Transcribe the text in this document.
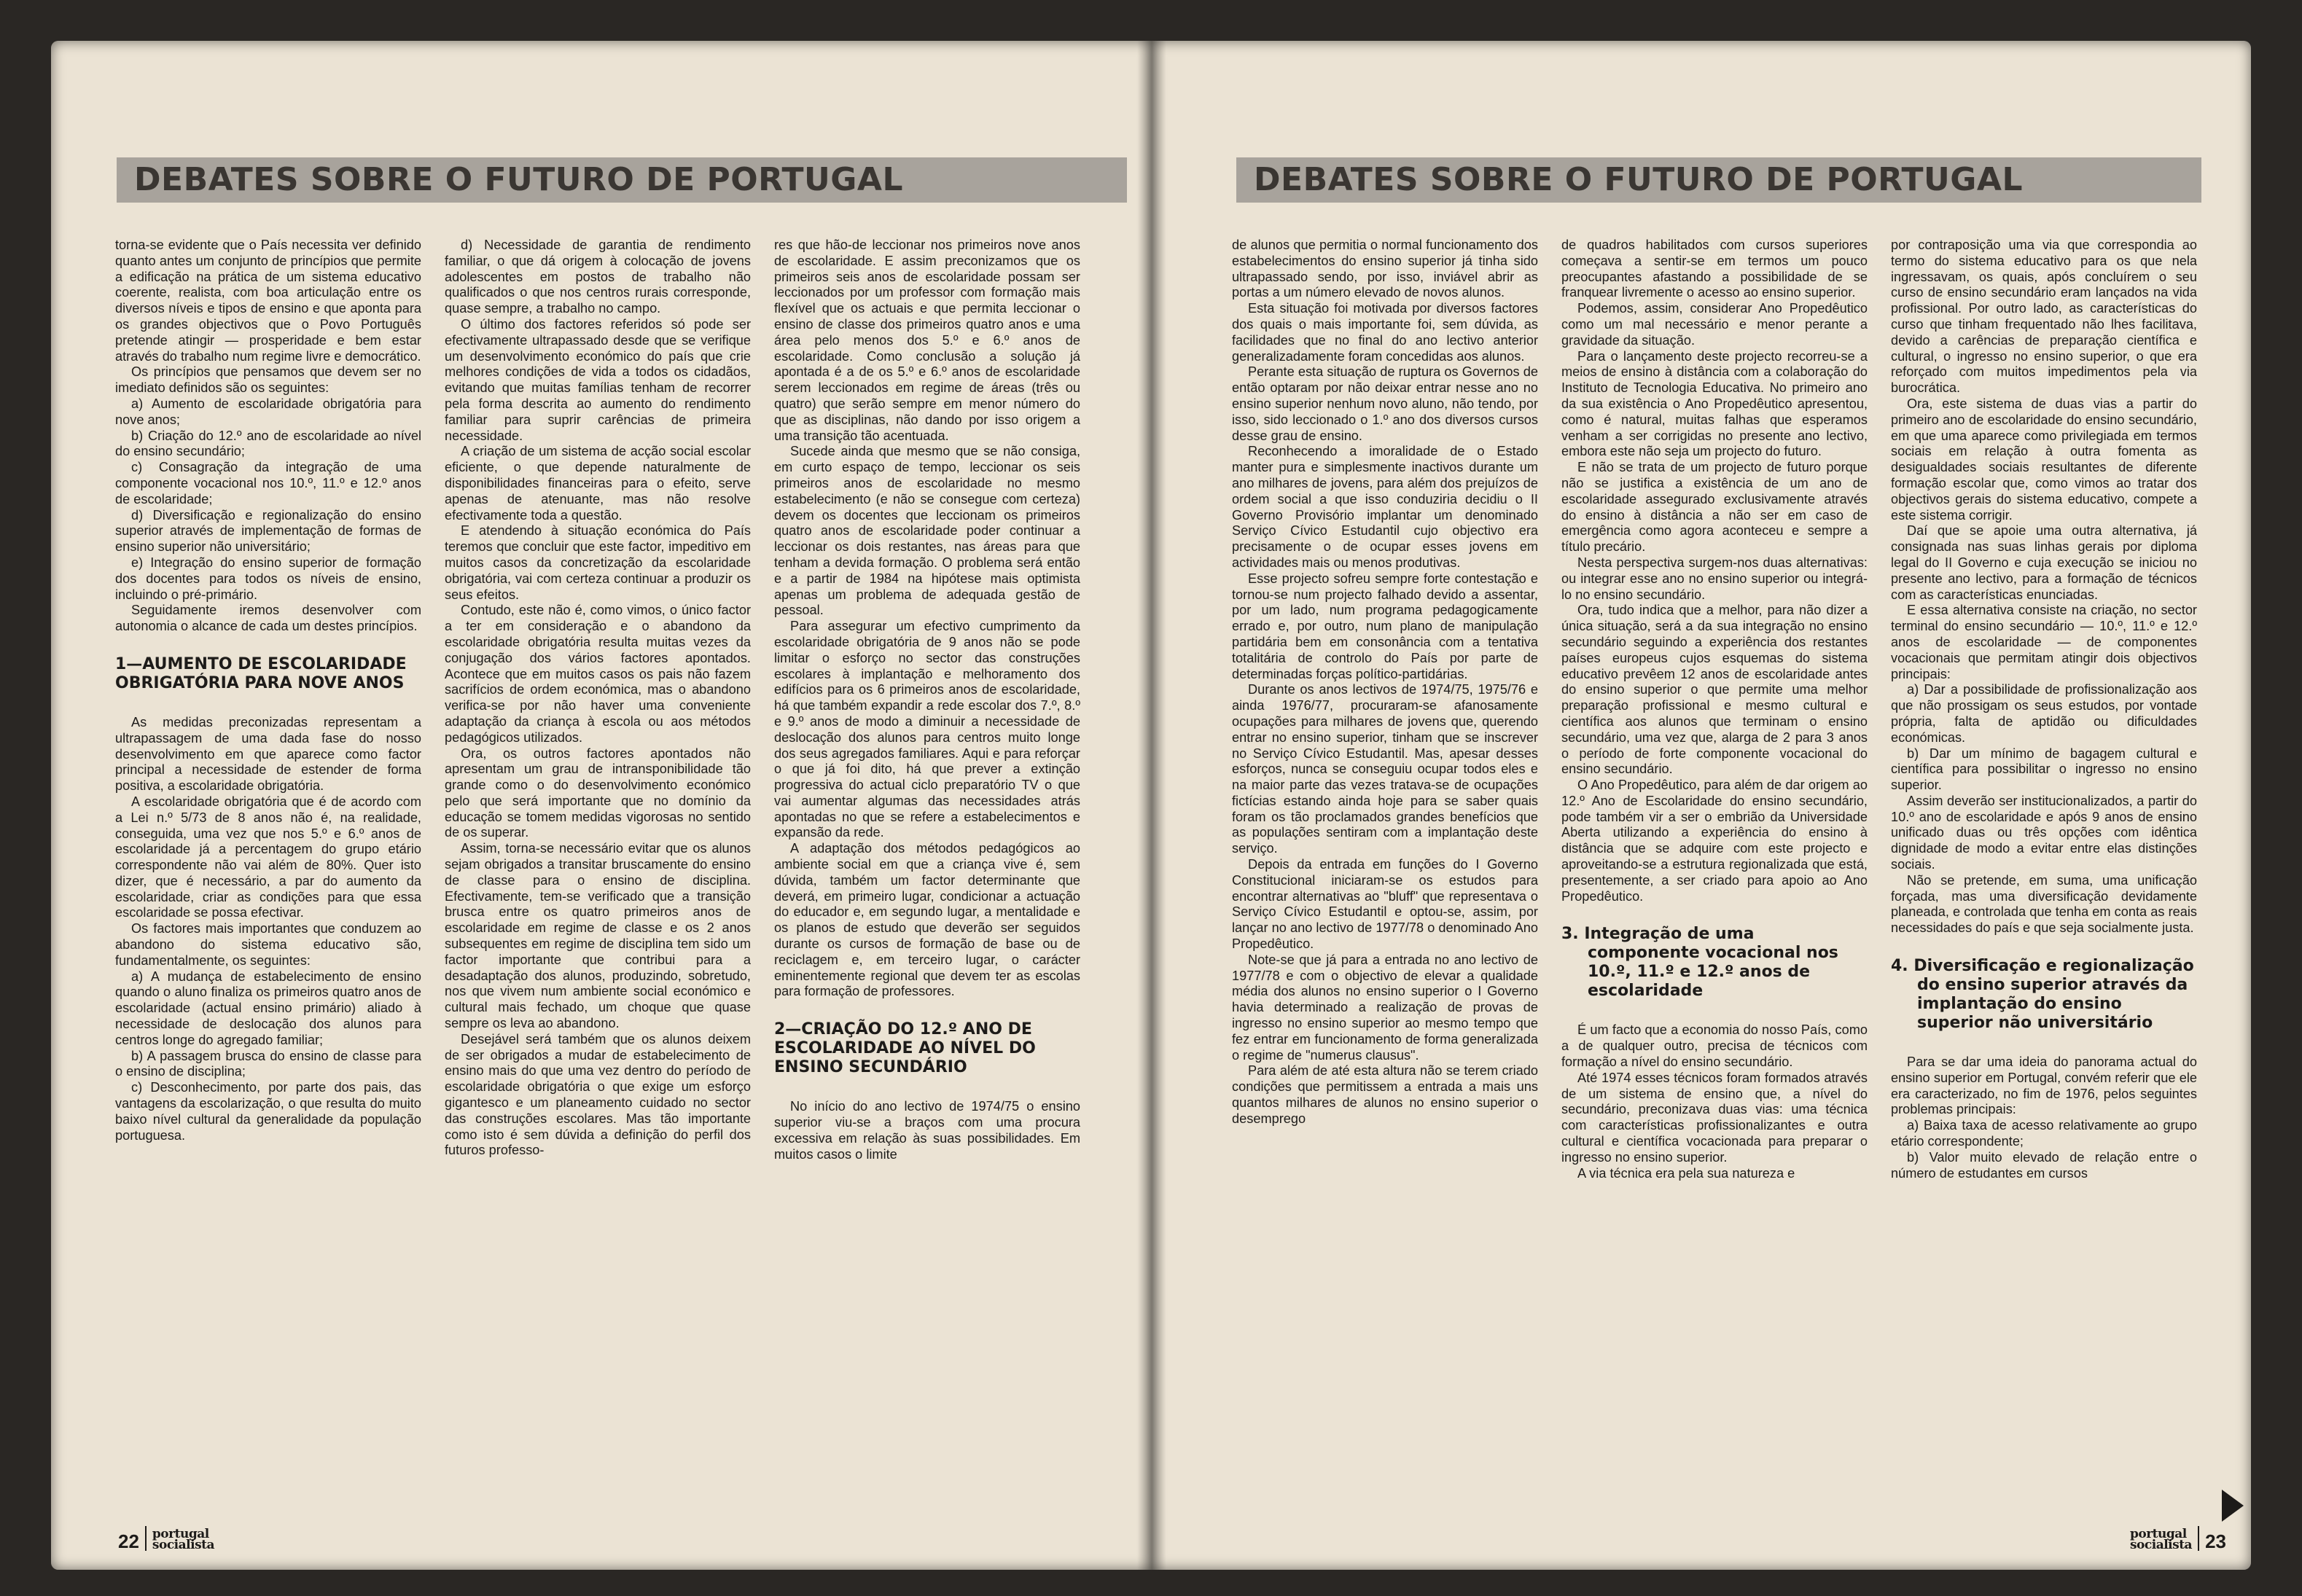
DEBATES SOBRE O FUTURO DE PORTUGAL

torna-se evidente que o País necessita ver definido quanto antes um conjunto de princípios que permite a edificação na prática de um sistema educativo coerente, realista, com boa articulação entre os diversos níveis e tipos de ensino e que aponta para os grandes objectivos que o Povo Português pretende atingir — prosperidade e bem estar através do trabalho num regime livre e democrático.

Os princípios que pensamos que devem ser no imediato definidos são os seguintes:

a) Aumento de escolaridade obrigatória para nove anos;

b) Criação do 12.º ano de escolaridade ao nível do ensino secundário;

c) Consagração da integração de uma componente vocacional nos 10.º, 11.º e 12.º anos de escolaridade;

d) Diversificação e regionalização do ensino superior através de implementação de formas de ensino superior não universitário;

e) Integração do ensino superior de formação dos docentes para todos os níveis de ensino, incluindo o pré-primário.

Seguidamente iremos desenvolver com autonomia o alcance de cada um destes princípios.

1—AUMENTO DE ESCOLARIDADE OBRIGATÓRIA PARA NOVE ANOS

As medidas preconizadas representam a ultrapassagem de uma dada fase do nosso desenvolvimento em que aparece como factor principal a necessidade de estender de forma positiva, a escolaridade obrigatória.

A escolaridade obrigatória que é de acordo com a Lei n.º 5/73 de 8 anos não é, na realidade, conseguida, uma vez que nos 5.º e 6.º anos de escolaridade já a percentagem do grupo etário correspondente não vai além de 80%. Quer isto dizer, que é necessário, a par do aumento da escolaridade, criar as condições para que essa escolaridade se possa efectivar.

Os factores mais importantes que conduzem ao abandono do sistema educativo são, fundamentalmente, os seguintes:

a) A mudança de estabelecimento de ensino quando o aluno finaliza os primeiros quatro anos de escolaridade (actual ensino primário) aliado à necessidade de deslocação dos alunos para centros longe do agregado familiar;

b) A passagem brusca do ensino de classe para o ensino de disciplina;

c) Desconhecimento, por parte dos pais, das vantagens da escolarização, o que resulta do muito baixo nível cultural da generalidade da população portuguesa.

d) Necessidade de garantia de rendimento familiar, o que dá origem à colocação de jovens adolescentes em postos de trabalho não qualificados o que nos centros rurais corresponde, quase sempre, a trabalho no campo.

O último dos factores referidos só pode ser efectivamente ultrapassado desde que se verifique um desenvolvimento económico do país que crie melhores condições de vida a todos os cidadãos, evitando que muitas famílias tenham de recorrer pela forma descrita ao aumento do rendimento familiar para suprir carências de primeira necessidade.

A criação de um sistema de acção social escolar eficiente, o que depende naturalmente de disponibilidades financeiras para o efeito, serve apenas de atenuante, mas não resolve efectivamente toda a questão.

E atendendo à situação económica do País teremos que concluir que este factor, impeditivo em muitos casos da concretização da escolaridade obrigatória, vai com certeza continuar a produzir os seus efeitos.

Contudo, este não é, como vimos, o único factor a ter em consideração e o abandono da escolaridade obrigatória resulta muitas vezes da conjugação dos vários factores apontados. Acontece que em muitos casos os pais não fazem sacrifícios de ordem económica, mas o abandono verifica-se por não haver uma conveniente adaptação da criança à escola ou aos métodos pedagógicos utilizados.

Ora, os outros factores apontados não apresentam um grau de intransponibilidade tão grande como o do desenvolvimento económico pelo que será importante que no domínio da educação se tomem medidas vigorosas no sentido de os superar.

Assim, torna-se necessário evitar que os alunos sejam obrigados a transitar bruscamente do ensino de classe para o ensino de disciplina. Efectivamente, tem-se verificado que a transição brusca entre os quatro primeiros anos de escolaridade em regime de classe e os 2 anos subsequentes em regime de disciplina tem sido um factor importante que contribui para a desadaptação dos alunos, produzindo, sobretudo, nos que vivem num ambiente social económico e cultural mais fechado, um choque que quase sempre os leva ao abandono.

Desejável será também que os alunos deixem de ser obrigados a mudar de estabelecimento de ensino mais do que uma vez dentro do período de escolaridade obrigatória o que exige um esforço gigantesco e um planeamento cuidado no sector das construções escolares. Mas tão importante como isto é sem dúvida a definição do perfil dos futuros professo-

res que hão-de leccionar nos primeiros nove anos de escolaridade. E assim preconizamos que os primeiros seis anos de escolaridade possam ser leccionados por um professor com formação mais flexível que os actuais e que permita leccionar o ensino de classe dos primeiros quatro anos e uma área pelo menos dos 5.º e 6.º anos de escolaridade. Como conclusão a solução já apontada é a de os 5.º e 6.º anos de escolaridade serem leccionados em regime de áreas (três ou quatro) que serão sempre em menor número do que as disciplinas, não dando por isso origem a uma transição tão acentuada.

Sucede ainda que mesmo que se não consiga, em curto espaço de tempo, leccionar os seis primeiros anos de escolaridade no mesmo estabelecimento (e não se consegue com certeza) devem os docentes que leccionam os primeiros quatro anos de escolaridade poder continuar a leccionar os dois restantes, nas áreas para que tenham a devida formação. O problema será então e a partir de 1984 na hipótese mais optimista apenas um problema de adequada gestão de pessoal.

Para assegurar um efectivo cumprimento da escolaridade obrigatória de 9 anos não se pode limitar o esforço no sector das construções escolares à implantação e melhoramento dos edifícios para os 6 primeiros anos de escolaridade, há que também expandir a rede escolar dos 7.º, 8.º e 9.º anos de modo a diminuir a necessidade de deslocação dos alunos para centros muito longe dos seus agregados familiares. Aqui e para reforçar o que já foi dito, há que prever a extinção progressiva do actual ciclo preparatório TV o que vai aumentar algumas das necessidades atrás apontadas no que se refere a estabelecimentos e expansão da rede.

A adaptação dos métodos pedagógicos ao ambiente social em que a criança vive é, sem dúvida, também um factor determinante que deverá, em primeiro lugar, condicionar a actuação do educador e, em segundo lugar, a mentalidade e os planos de estudo que deverão ser seguidos durante os cursos de formação de base ou de reciclagem e, em terceiro lugar, o carácter eminentemente regional que devem ter as escolas para formação de professores.

2—CRIAÇÃO DO 12.º ANO DE ESCOLARIDADE AO NÍVEL DO ENSINO SECUNDÁRIO

No início do ano lectivo de 1974/75 o ensino superior viu-se a braços com uma procura excessiva em relação às suas possibilidades. Em muitos casos o limite

22 portugal
socialista
DEBATES SOBRE O FUTURO DE PORTUGAL

de alunos que permitia o normal funcionamento dos estabelecimentos do ensino superior já tinha sido ultrapassado sendo, por isso, inviável abrir as portas a um número elevado de novos alunos.

Esta situação foi motivada por diversos factores dos quais o mais importante foi, sem dúvida, as facilidades que no final do ano lectivo anterior generalizadamente foram concedidas aos alunos.

Perante esta situação de ruptura os Governos de então optaram por não deixar entrar nesse ano no ensino superior nenhum novo aluno, não tendo, por isso, sido leccionado o 1.º ano dos diversos cursos desse grau de ensino.

Reconhecendo a imoralidade de o Estado manter pura e simplesmente inactivos durante um ano milhares de jovens, para além dos prejuízos de ordem social a que isso conduziria decidiu o II Governo Provisório implantar um denominado Serviço Cívico Estudantil cujo objectivo era precisamente o de ocupar esses jovens em actividades mais ou menos produtivas.

Esse projecto sofreu sempre forte contestação e tornou-se num projecto falhado devido a assentar, por um lado, num programa pedagogicamente errado e, por outro, num plano de manipulação partidária bem em consonância com a tentativa totalitária de controlo do País por parte de determinadas forças político-partidárias.

Durante os anos lectivos de 1974/75, 1975/76 e ainda 1976/77, procuraram-se afanosamente ocupações para milhares de jovens que, querendo entrar no ensino superior, tinham que se inscrever no Serviço Cívico Estudantil. Mas, apesar desses esforços, nunca se conseguiu ocupar todos eles e na maior parte das vezes tratava-se de ocupações fictícias estando ainda hoje para se saber quais foram os tão proclamados grandes benefícios que as populações sentiram com a implantação deste serviço.

Depois da entrada em funções do I Governo Constitucional iniciaram-se os estudos para encontrar alternativas ao "bluff" que representava o Serviço Cívico Estudantil e optou-se, assim, por lançar no ano lectivo de 1977/78 o denominado Ano Propedêutico.

Note-se que já para a entrada no ano lectivo de 1977/78 e com o objectivo de elevar a qualidade média dos alunos no ensino superior o I Governo havia determinado a realização de provas de ingresso no ensino superior ao mesmo tempo que fez entrar em funcionamento de forma generalizada o regime de "numerus clausus".

Para além de até esta altura não se terem criado condições que permitissem a entrada a mais uns quantos milhares de alunos no ensino superior o desemprego

de quadros habilitados com cursos superiores começava a sentir-se em termos um pouco preocupantes afastando a possibilidade de se franquear livremente o acesso ao ensino superior.

Podemos, assim, considerar Ano Propedêutico como um mal necessário e menor perante a gravidade da situação.

Para o lançamento deste projecto recorreu-se a meios de ensino à distância com a colaboração do Instituto de Tecnologia Educativa. No primeiro ano da sua existência o Ano Propedêutico apresentou, como é natural, muitas falhas que esperamos venham a ser corrigidas no presente ano lectivo, embora este não seja um projecto do futuro.

E não se trata de um projecto de futuro porque não se justifica a existência de um ano de escolaridade assegurado exclusivamente através do ensino à distância a não ser em caso de emergência como agora aconteceu e sempre a título precário.

Nesta perspectiva surgem-nos duas alternativas: ou integrar esse ano no ensino superior ou integrá-lo no ensino secundário.

Ora, tudo indica que a melhor, para não dizer a única situação, será a da sua integração no ensino secundário seguindo a experiência dos restantes países europeus cujos esquemas do sistema educativo prevêem 12 anos de escolaridade antes do ensino superior o que permite uma melhor preparação profissional e mesmo cultural e científica aos alunos que terminam o ensino secundário, uma vez que, alarga de 2 para 3 anos o período de forte componente vocacional do ensino secundário.

O Ano Propedêutico, para além de dar origem ao 12.º Ano de Escolaridade do ensino secundário, pode também vir a ser o embrião da Universidade Aberta utilizando a experiência do ensino à distância que se adquire com este projecto e aproveitando-se a estrutura regionalizada que está, presentemente, a ser criado para apoio ao Ano Propedêutico.

3. Integração de uma componente vocacional nos 10.º, 11.º e 12.º anos de escolaridade

É um facto que a economia do nosso País, como a de qualquer outro, precisa de técnicos com formação a nível do ensino secundário.

Até 1974 esses técnicos foram formados através de um sistema de ensino que, a nível do secundário, preconizava duas vias: uma técnica com características profissionalizantes e outra cultural e científica vocacionada para preparar o ingresso no ensino superior.

A via técnica era pela sua natureza e

por contraposição uma via que correspondia ao termo do sistema educativo para os que nela ingressavam, os quais, após concluírem o seu curso de ensino secundário eram lançados na vida profissional. Por outro lado, as características do curso que tinham frequentado não lhes facilitava, devido a carências de preparação científica e cultural, o ingresso no ensino superior, o que era reforçado com muitos impedimentos pela via burocrática.

Ora, este sistema de duas vias a partir do primeiro ano de escolaridade do ensino secundário, em que uma aparece como privilegiada em termos sociais em relação à outra fomenta as desigualdades sociais resultantes de diferente formação escolar que, como vimos ao tratar dos objectivos gerais do sistema educativo, compete a este sistema corrigir.

Daí que se apoie uma outra alternativa, já consignada nas suas linhas gerais por diploma legal do II Governo e cuja execução se iniciou no presente ano lectivo, para a formação de técnicos com as características enunciadas.

E essa alternativa consiste na criação, no sector terminal do ensino secundário — 10.º, 11.º e 12.º anos de escolaridade — de componentes vocacionais que permitam atingir dois objectivos principais:

a) Dar a possibilidade de profissionalização aos que não prossigam os seus estudos, por vontade própria, falta de aptidão ou dificuldades económicas.

b) Dar um mínimo de bagagem cultural e científica para possibilitar o ingresso no ensino superior.

Assim deverão ser institucionalizados, a partir do 10.º ano de escolaridade e após 9 anos de ensino unificado duas ou três opções com idêntica dignidade de modo a evitar entre elas distinções sociais.

Não se pretende, em suma, uma unificação forçada, mas uma diversificação devidamente planeada, e controlada que tenha em conta as reais necessidades do país e que seja socialmente justa.

4. Diversificação e regionalização do ensino superior através da implantação do ensino superior não universitário

Para se dar uma ideia do panorama actual do ensino superior em Portugal, convém referir que ele era caracterizado, no fim de 1976, pelos seguintes problemas principais:

a) Baixa taxa de acesso relativamente ao grupo etário correspondente;

b) Valor muito elevado de relação entre o número de estudantes em cursos

portugal
socialista 23
